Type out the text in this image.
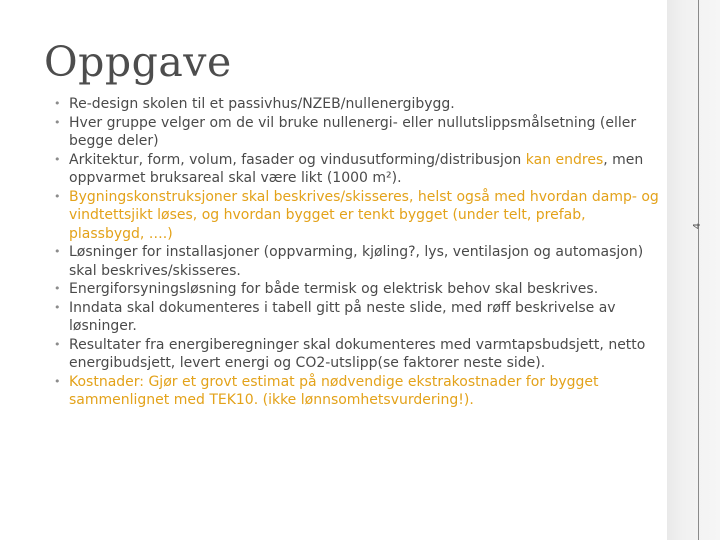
Oppgave
• Re-design skolen til et passivhus/NZEB/nullenergibygg.
• Hver gruppe velger om de vil bruke nullenergi- eller nullutslippsmålsetning (eller begge deler)
• Arkitektur, form, volum, fasader og vindusutforming/distribusjon kan endres, men oppvarmet bruksareal skal være likt (1000 m²).
• Bygningskonstruksjoner skal beskrives/skisseres, helst også med hvordan damp- og vindtettsjikt løses, og hvordan bygget er tenkt bygget (under telt, prefab, plassbygd, ….)
• Løsninger for installasjoner (oppvarming, kjøling?, lys, ventilasjon og automasjon) skal beskrives/skisseres.
• Energiforsyningsløsning for både termisk og elektrisk behov skal beskrives.
• Inndata skal dokumenteres i tabell gitt på neste slide, med røff beskrivelse av løsninger.
• Resultater fra energiberegninger skal dokumenteres med varmtapsbudsjett, netto energibudsjett, levert energi og CO2-utslipp(se faktorer neste side).
• Kostnader: Gjør et grovt estimat på nødvendige ekstrakostnader for bygget sammenlignet med TEK10. (ikke lønnsomhetsvurdering!).
4
